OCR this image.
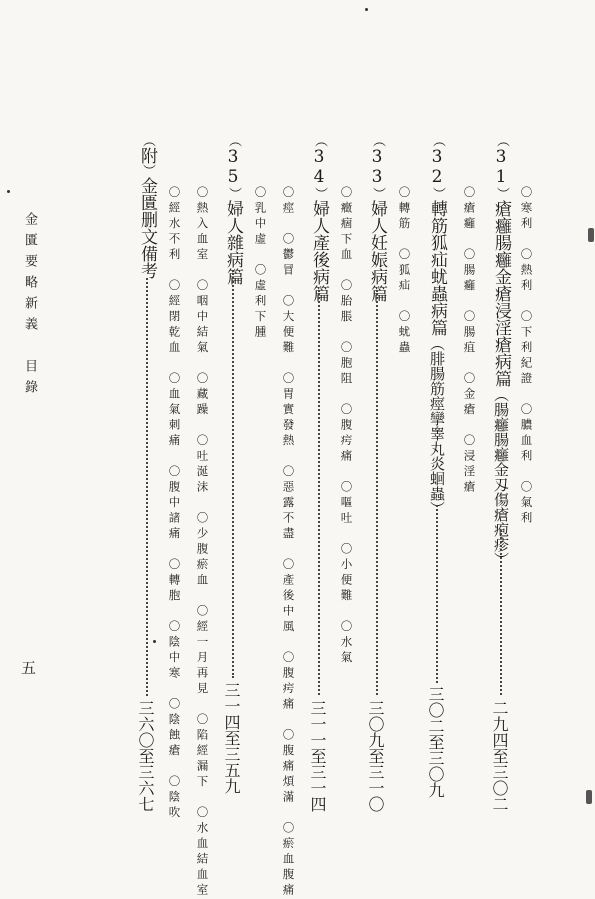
金匱要略新義　目錄
五
〇寒利　〇熱利　〇下利紀證　〇膿血利　〇氣利
（31）瘡癰腸癰金瘡浸淫瘡病篇（腸癰腸癰金刄傷瘡疱疹）
二九四至三〇二
〇瘡癰　〇腸癰　〇腸疽　〇金瘡　〇浸淫瘡
（32）轉筋狐疝蚘蟲病篇（腓腸筋痙攣睾丸炎蛔蟲）
三〇二至三〇九
〇轉筋　〇狐疝　〇蚘蟲
（33）婦人妊娠病篇
三〇九至三一〇
〇癥痼下血　〇胎脹　〇胞阻　〇腹疞痛　〇嘔吐　〇小便難　〇水氣
（34）婦人產後病篇
三一一至三一四
〇痙　〇鬱冒　〇大便難　〇胃實發熱　〇惡露不盡　〇產後中風　〇腹疞痛　〇腹痛煩滿　〇瘀血腹痛
〇乳中虛　〇虛利下腫
（35）婦人雜病篇
三一四至三五九
〇熱入血室　〇咽中結氣　〇藏躁　〇吐涎沫　〇少腹瘀血　〇經一月再見　〇陷經漏下　〇水血結血室
〇經水不利　〇經閉乾血　〇血氣刺痛　〇腹中諸痛　〇轉胞　〇陰中寒　〇陰蝕瘡　〇陰吹
（附）金匱删文備考
三六〇至三六七
